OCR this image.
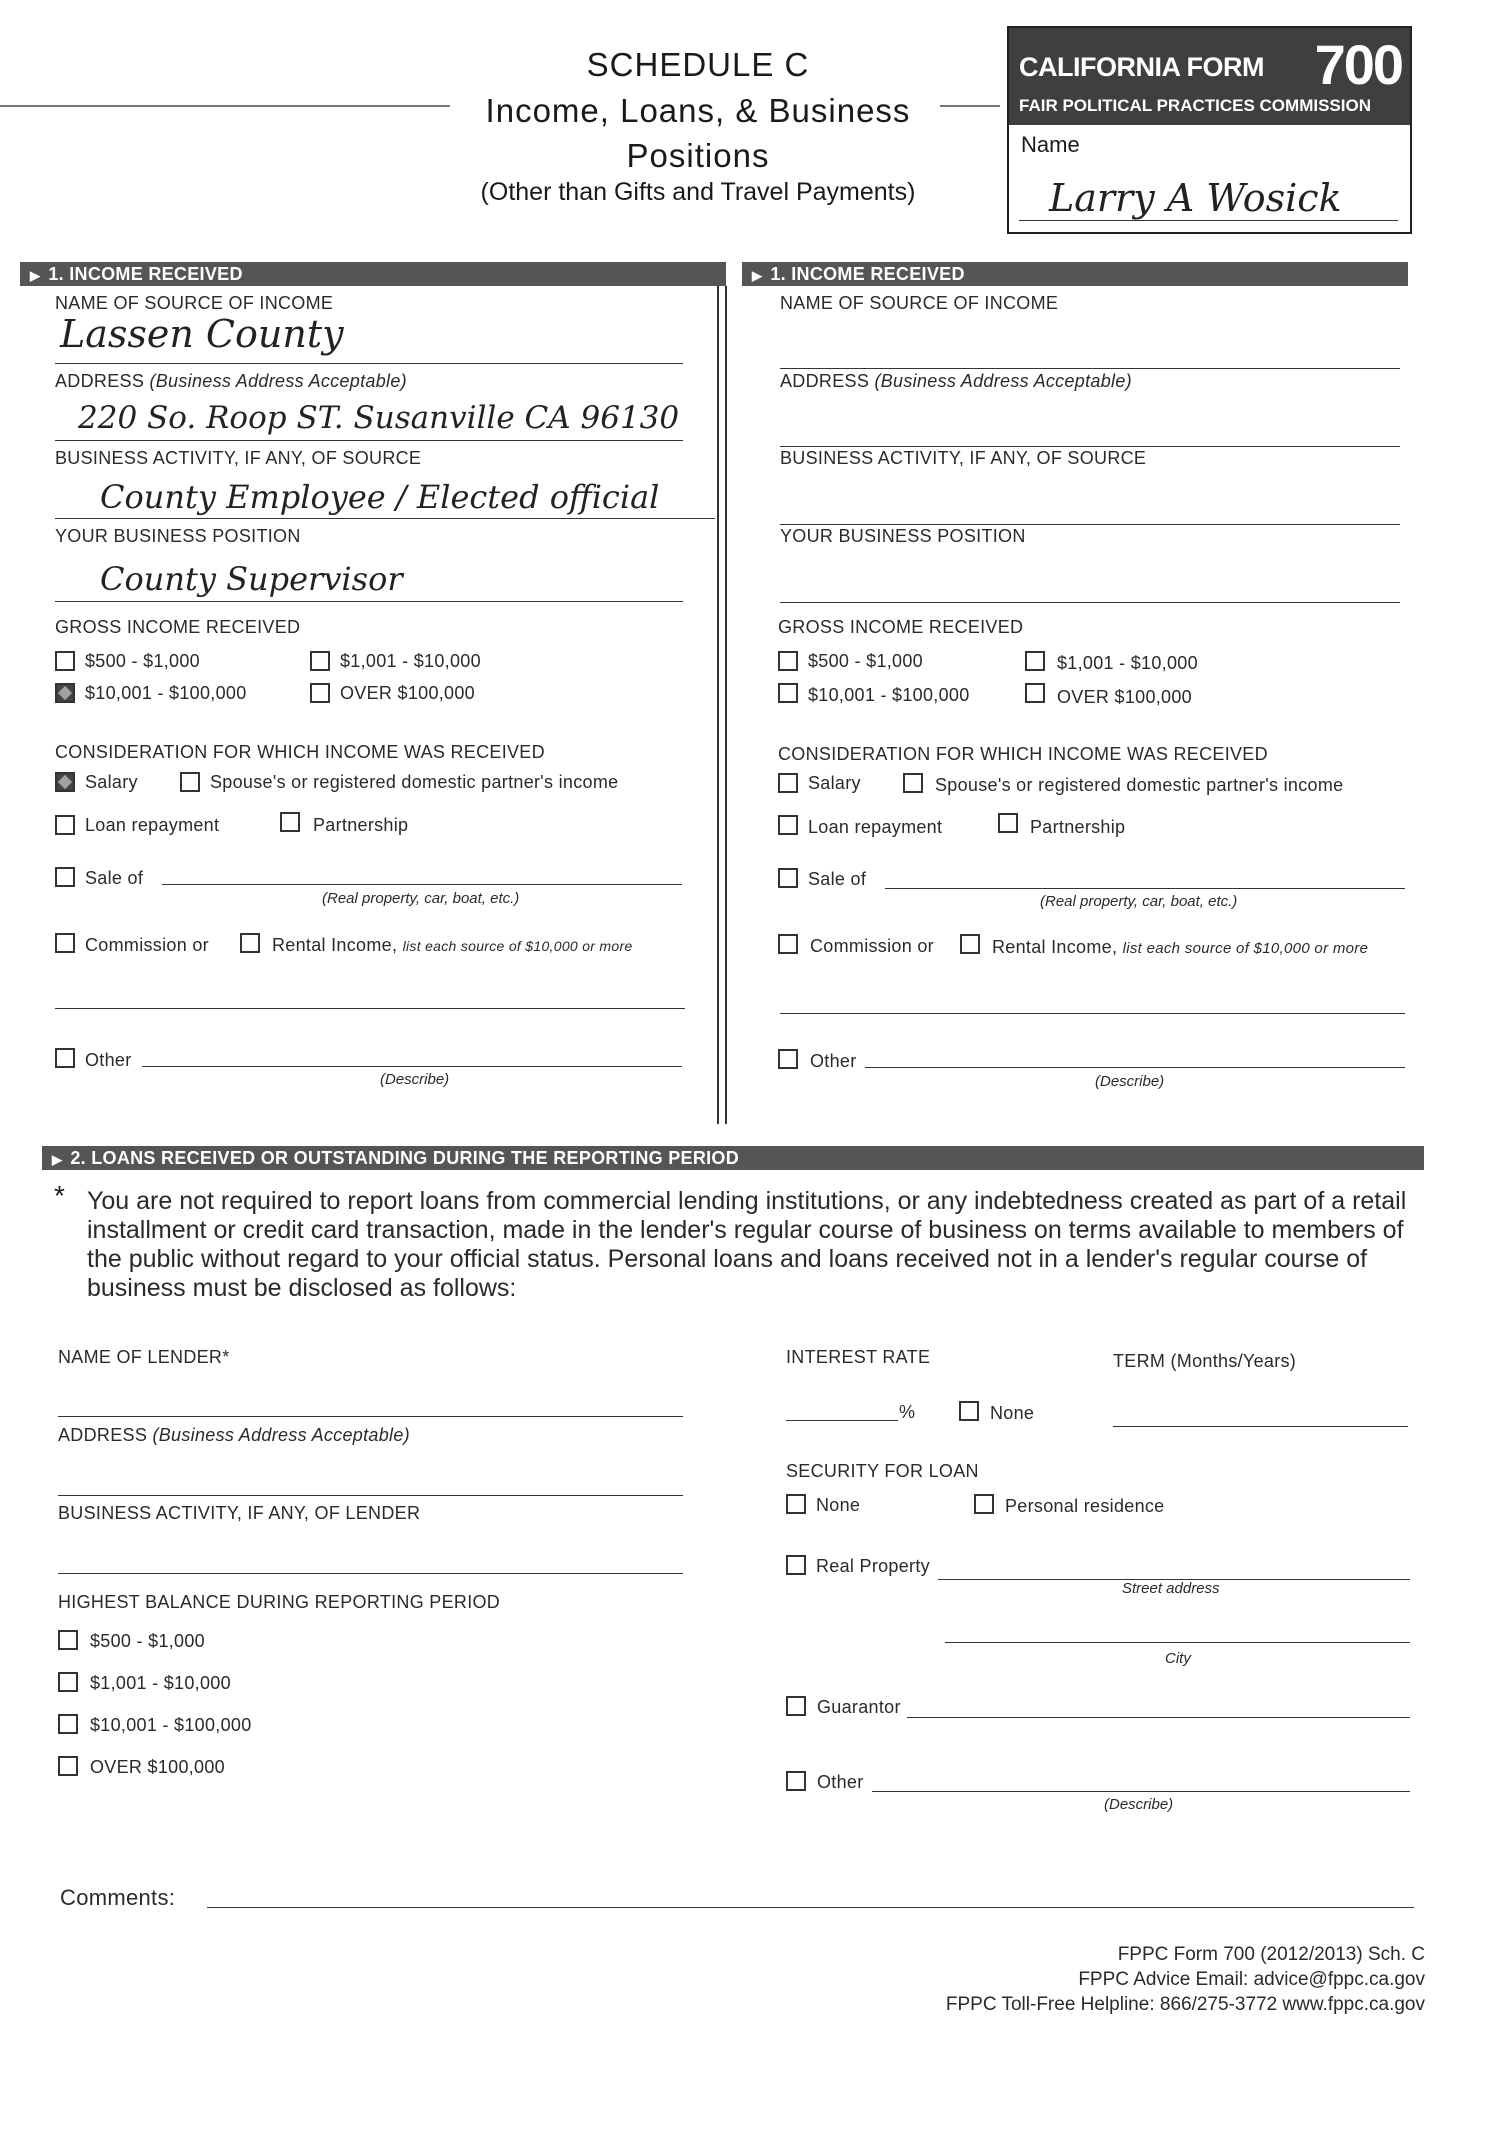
SCHEDULE C
Income, Loans, & Business
Positions
(Other than Gifts and Travel Payments)
CALIFORNIA FORM 700
FAIR POLITICAL PRACTICES COMMISSION
Name
Larry A Wosick
▶ 1. INCOME RECEIVED	▶ 1. INCOME RECEIVED
NAME OF SOURCE OF INCOME
Lassen County
ADDRESS (Business Address Acceptable)
220 So. Roop ST. Susanville CA 96130
BUSINESS ACTIVITY, IF ANY, OF SOURCE
County Employee / Elected official
YOUR BUSINESS POSITION
County Supervisor
GROSS INCOME RECEIVED
$500 - $1,000	$1,001 - $10,000
$10,001 - $100,000	OVER $100,000
CONSIDERATION FOR WHICH INCOME WAS RECEIVED
Salary	Spouse's or registered domestic partner's income
Loan repayment	Partnership
Sale of
(Real property, car, boat, etc.)
Commission or	Rental Income, list each source of $10,000 or more
Other
(Describe)
NAME OF SOURCE OF INCOME
ADDRESS (Business Address Acceptable)
BUSINESS ACTIVITY, IF ANY, OF SOURCE
YOUR BUSINESS POSITION
GROSS INCOME RECEIVED
$500 - $1,000	$1,001 - $10,000
$10,001 - $100,000	OVER $100,000
CONSIDERATION FOR WHICH INCOME WAS RECEIVED
Salary	Spouse's or registered domestic partner's income
Loan repayment	Partnership
Sale of
(Real property, car, boat, etc.)
Commission or	Rental Income, list each source of $10,000 or more
Other
(Describe)
▶ 2. LOANS RECEIVED OR OUTSTANDING DURING THE REPORTING PERIOD
* You are not required to report loans from commercial lending institutions, or any indebtedness created as part of a retail installment or credit card transaction, made in the lender's regular course of business on terms available to members of the public without regard to your official status. Personal loans and loans received not in a lender's regular course of business must be disclosed as follows:
NAME OF LENDER*
ADDRESS (Business Address Acceptable)
BUSINESS ACTIVITY, IF ANY, OF LENDER
HIGHEST BALANCE DURING REPORTING PERIOD
$500 - $1,000
$1,001 - $10,000
$10,001 - $100,000
OVER $100,000
INTEREST RATE
%	None
TERM (Months/Years)
SECURITY FOR LOAN
None	Personal residence
Real Property
Street address
City
Guarantor
Other
(Describe)
Comments:
FPPC Form 700 (2012/2013) Sch. C
FPPC Advice Email: advice@fppc.ca.gov
FPPC Toll-Free Helpline: 866/275-3772 www.fppc.ca.gov
